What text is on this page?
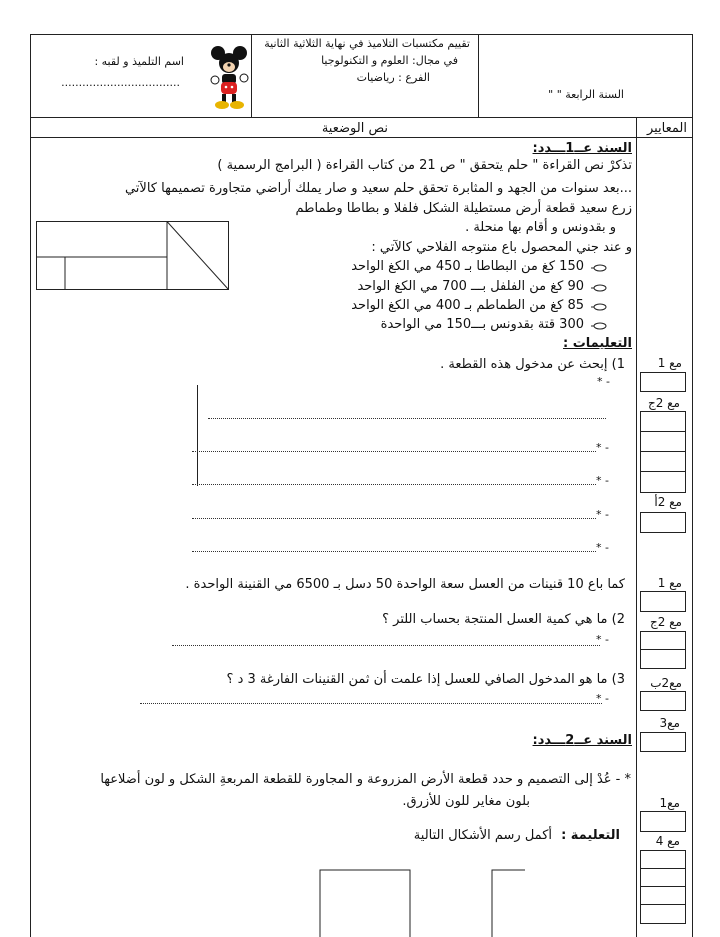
تقييم مكتسبات التلاميذ في نهاية الثلاثية الثانية
في مجال: العلوم و التكنولوجيا
الفرع : رياضيات
اسم التلميذ و لقبه :
..................................
السنة الرابعة " "
المعايير
نص الوضعية
السند عــ1ـــدد:
تذكرْ نص القراءة " حلم يتحقق " ص 21 من كتاب القراءة ( البرامج الرسمية )
...بعد سنوات من الجهد و المثابرة تحقق حلم سعيد و صار يملك أراضي متجاورة تصميمها كالآتي
زرع سعيد قطعة أرض مستطيلة الشكل فلفلا و بطاطا وطماطم
و بقدونس و أقام بها منحلة .
و عند جني المحصول باع منتوجه الفلاحي كالآتي :
150 كغ من البطاطا بـ 450 مي الكغ الواحد
90 كغ من الفلفل بـــ 700 مي الكغ الواحد
85 كغ من الطماطم بـ 400 مي الكغ الواحد
300 قتة بقدونس بـــ150 مي الواحدة
التعليمات :
1) إبحث عن مدخول هذه القطعة .
- *
- *
- *
- *
- *
كما باع 10 قنينات من العسل سعة الواحدة 50 دسل بـ 6500 مي القنينة الواحدة .
2) ما هي كمية العسل المنتجة بحساب اللتر ؟
- *
3) ما هو المدخول الصافي للعسل إذا علمت أن ثمن القنينات الفارغة 3 د ؟
- *
السند عــ2ـــدد:
* - عُدْ إلى التصميم و حدد قطعة الأرض المزروعة و المجاورة للقطعة المربعةِ الشكل و لون أضلاعها
بلون مغاير للون للأزرق.
التعليمة :
أكمل رسم الأشكال التالية
مع 1
مع 2ج
مع 2أ
مع 1
مع 2ج
مع2ب
مع3
مع1
مع 4
